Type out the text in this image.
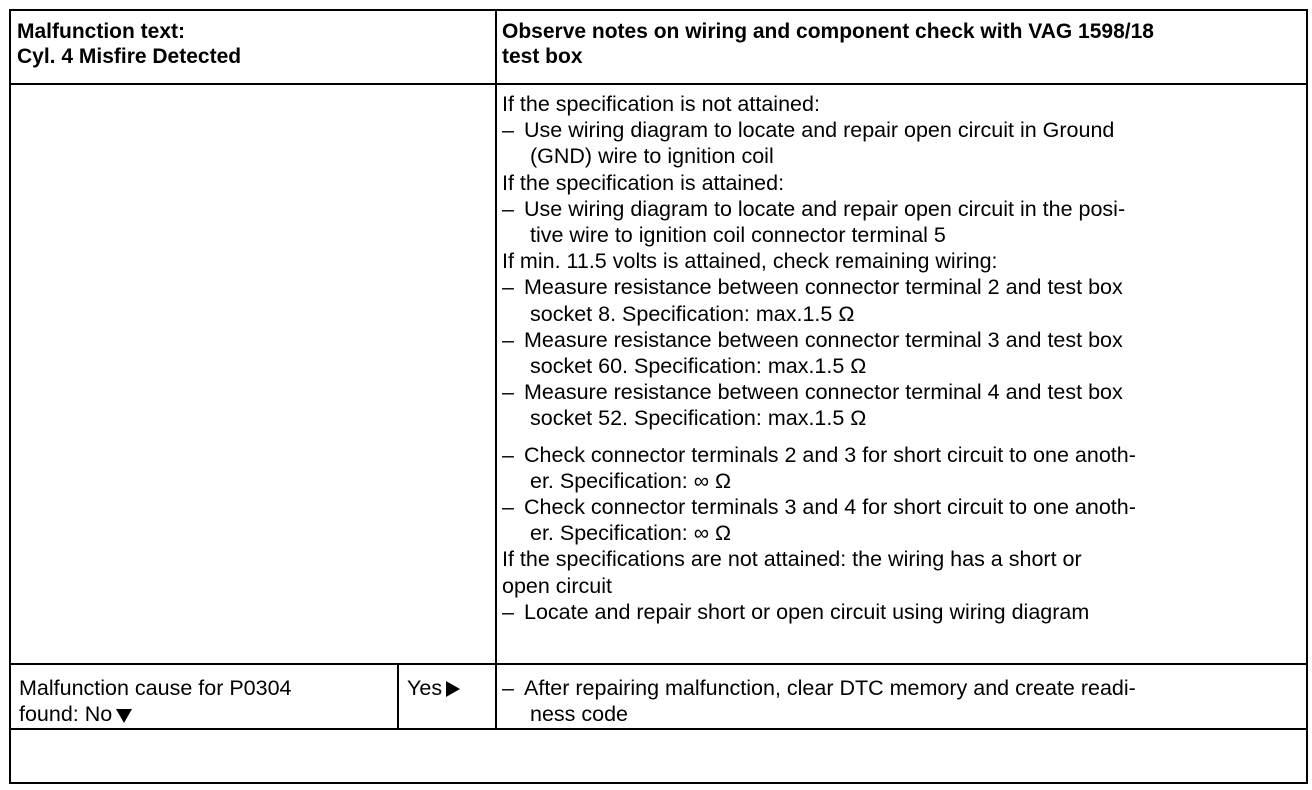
Malfunction text:
Cyl. 4 Misfire Detected
Observe notes on wiring and component check with VAG 1598/18
test box
If the specification is not attained:
– Use wiring diagram to locate and repair open circuit in Ground
(GND) wire to ignition coil
If the specification is attained:
– Use wiring diagram to locate and repair open circuit in the posi-
tive wire to ignition coil connector terminal 5
If min. 11.5 volts is attained, check remaining wiring:
– Measure resistance between connector terminal 2 and test box
socket 8. Specification: max.1.5 Ω
– Measure resistance between connector terminal 3 and test box
socket 60. Specification: max.1.5 Ω
– Measure resistance between connector terminal 4 and test box
socket 52. Specification: max.1.5 Ω
– Check connector terminals 2 and 3 for short circuit to one anoth-
er. Specification: ∞ Ω
– Check connector terminals 3 and 4 for short circuit to one anoth-
er. Specification: ∞ Ω
If the specifications are not attained: the wiring has a short or
open circuit
– Locate and repair short or open circuit using wiring diagram
Malfunction cause for P0304
found: No
Yes	– After repairing malfunction, clear DTC memory and create readi-
ness code
